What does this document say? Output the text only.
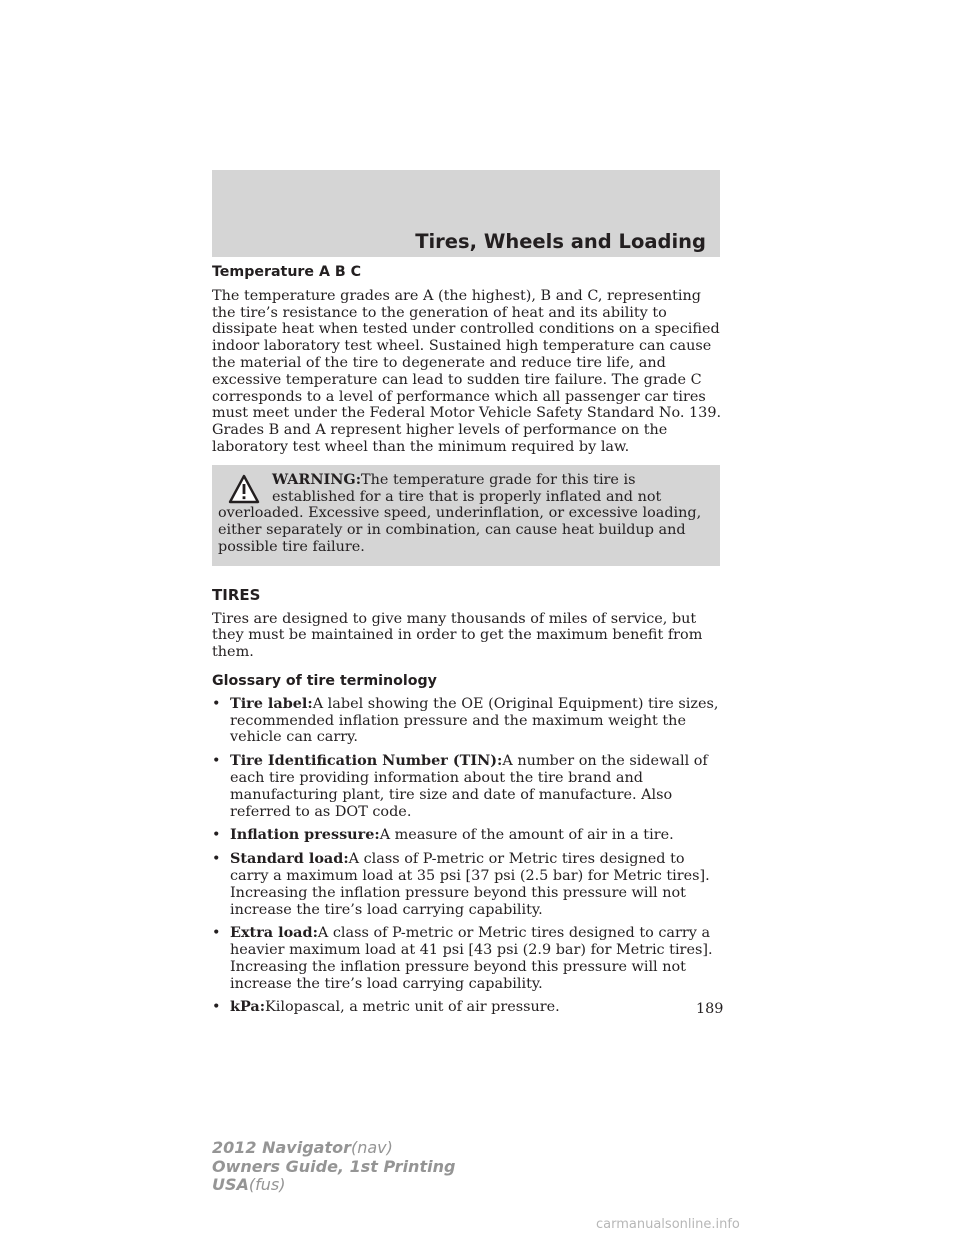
Tires, Wheels and Loading

Temperature A B C

The temperature grades are A (the highest), B and C, representing the tire’s resistance to the generation of heat and its ability to dissipate heat when tested under controlled conditions on a specified indoor laboratory test wheel. Sustained high temperature can cause the material of the tire to degenerate and reduce tire life, and excessive temperature can lead to sudden tire failure. The grade C corresponds to a level of performance which all passenger car tires must meet under the Federal Motor Vehicle Safety Standard No. 139. Grades B and A represent higher levels of performance on the laboratory test wheel than the minimum required by law.

WARNING:The temperature grade for this tire is established for a tire that is properly inflated and not overloaded. Excessive speed, underinflation, or excessive loading, either separately or in combination, can cause heat buildup and possible tire failure.

TIRES

Tires are designed to give many thousands of miles of service, but they must be maintained in order to get the maximum benefit from them.

Glossary of tire terminology

• Tire label:A label showing the OE (Original Equipment) tire sizes, recommended inflation pressure and the maximum weight the vehicle can carry.
• Tire Identification Number (TIN):A number on the sidewall of each tire providing information about the tire brand and manufacturing plant, tire size and date of manufacture. Also referred to as DOT code.
• Inflation pressure:A measure of the amount of air in a tire.
• Standard load:A class of P-metric or Metric tires designed to carry a maximum load at 35 psi [37 psi (2.5 bar) for Metric tires]. Increasing the inflation pressure beyond this pressure will not increase the tire’s load carrying capability.
• Extra load:A class of P-metric or Metric tires designed to carry a heavier maximum load at 41 psi [43 psi (2.9 bar) for Metric tires]. Increasing the inflation pressure beyond this pressure will not increase the tire’s load carrying capability.
• kPa:Kilopascal, a metric unit of air pressure.	189
2012 Navigator(nav)
Owners Guide, 1st Printing
USA(fus)
carmanualsonline.info
